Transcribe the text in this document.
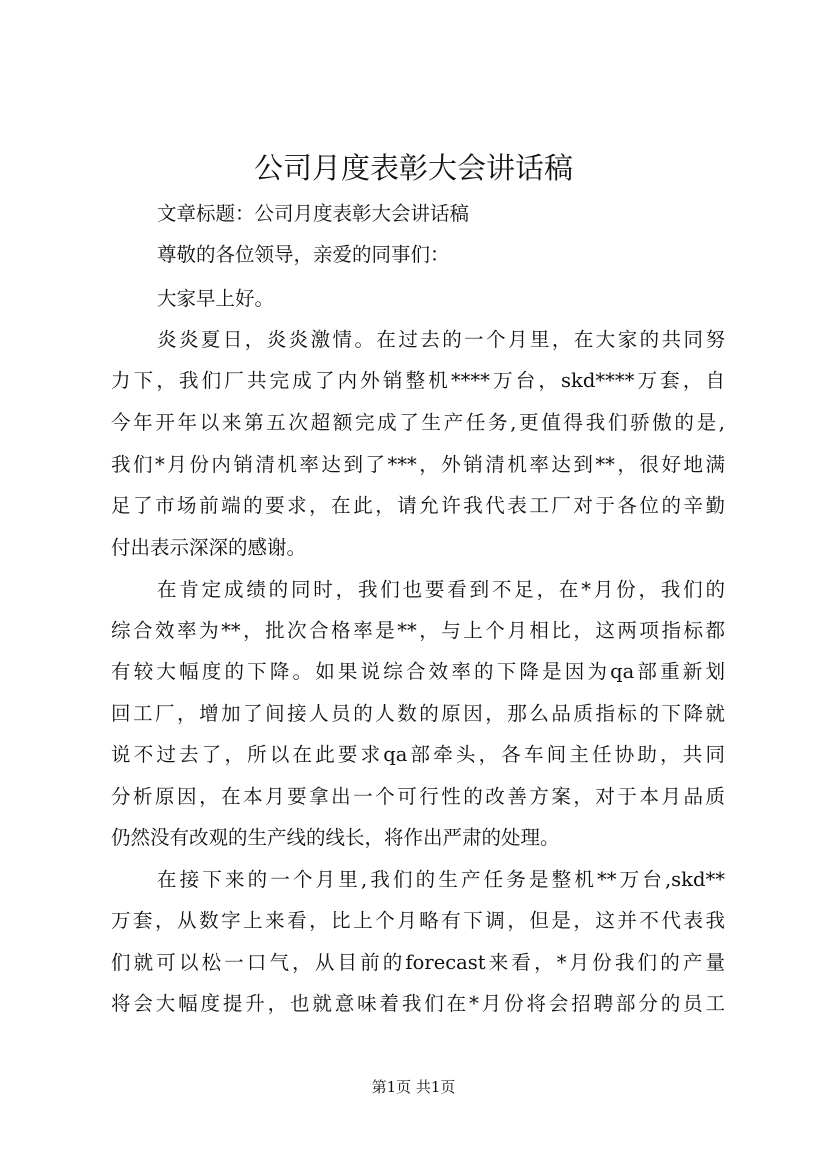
公司月度表彰大会讲话稿

文章标题：公司月度表彰大会讲话稿

尊敬的各位领导，亲爱的同事们：

大家早上好。

炎炎夏日，炎炎激情。在过去的一个月里，在大家的共同努

力下，我们厂共完成了内外销整机****万台，skd****万套，自

今年开年以来第五次超额完成了生产任务,更值得我们骄傲的是,

我们*月份内销清机率达到了***，外销清机率达到**，很好地满

足了市场前端的要求，在此，请允许我代表工厂对于各位的辛勤

付出表示深深的感谢。

在肯定成绩的同时，我们也要看到不足，在*月份，我们的

综合效率为**，批次合格率是**，与上个月相比，这两项指标都

有较大幅度的下降。如果说综合效率的下降是因为qa部重新划

回工厂，增加了间接人员的人数的原因，那么品质指标的下降就

说不过去了，所以在此要求qa部牵头，各车间主任协助，共同

分析原因，在本月要拿出一个可行性的改善方案，对于本月品质

仍然没有改观的生产线的线长，将作出严肃的处理。

在接下来的一个月里,我们的生产任务是整机**万台,skd**

万套，从数字上来看，比上个月略有下调，但是，这并不代表我

们就可以松一口气，从目前的forecast来看，*月份我们的产量

将会大幅度提升，也就意味着我们在*月份将会招聘部分的员工

第1页 共1页
